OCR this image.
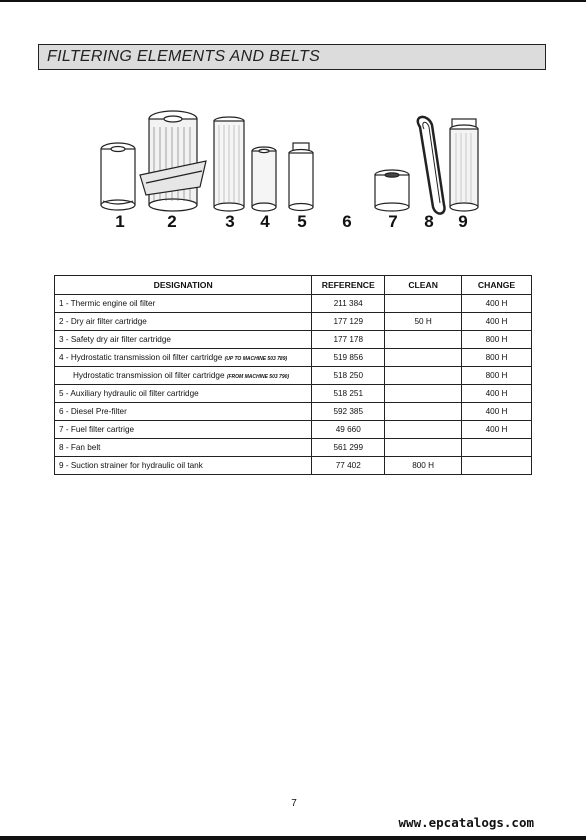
FILTERING ELEMENTS AND BELTS
1	2	3	4	5	6	7	8	9
DESIGNATION	REFERENCE	CLEAN	CHANGE
1 - Thermic engine oil filter	211 384		400 H
2 - Dry air filter cartridge	177 129	50 H	400 H
3 - Safety dry air filter cartridge	177 178		800 H
4 - Hydrostatic transmission oil filter cartridge (UP TO MACHINE 503 789)	519 856		800 H
Hydrostatic transmission oil filter cartridge (FROM MACHINE 503 790)	518 250		800 H
5 - Auxiliary hydraulic oil filter cartridge	518 251		400 H
6 - Diesel Pre-filter	592 385		400 H
7 - Fuel filter cartrige	49 660		400 H
8 - Fan belt	561 299		
9 - Suction strainer for hydraulic oil tank	77 402	800 H	
7
www.epcatalogs.com
